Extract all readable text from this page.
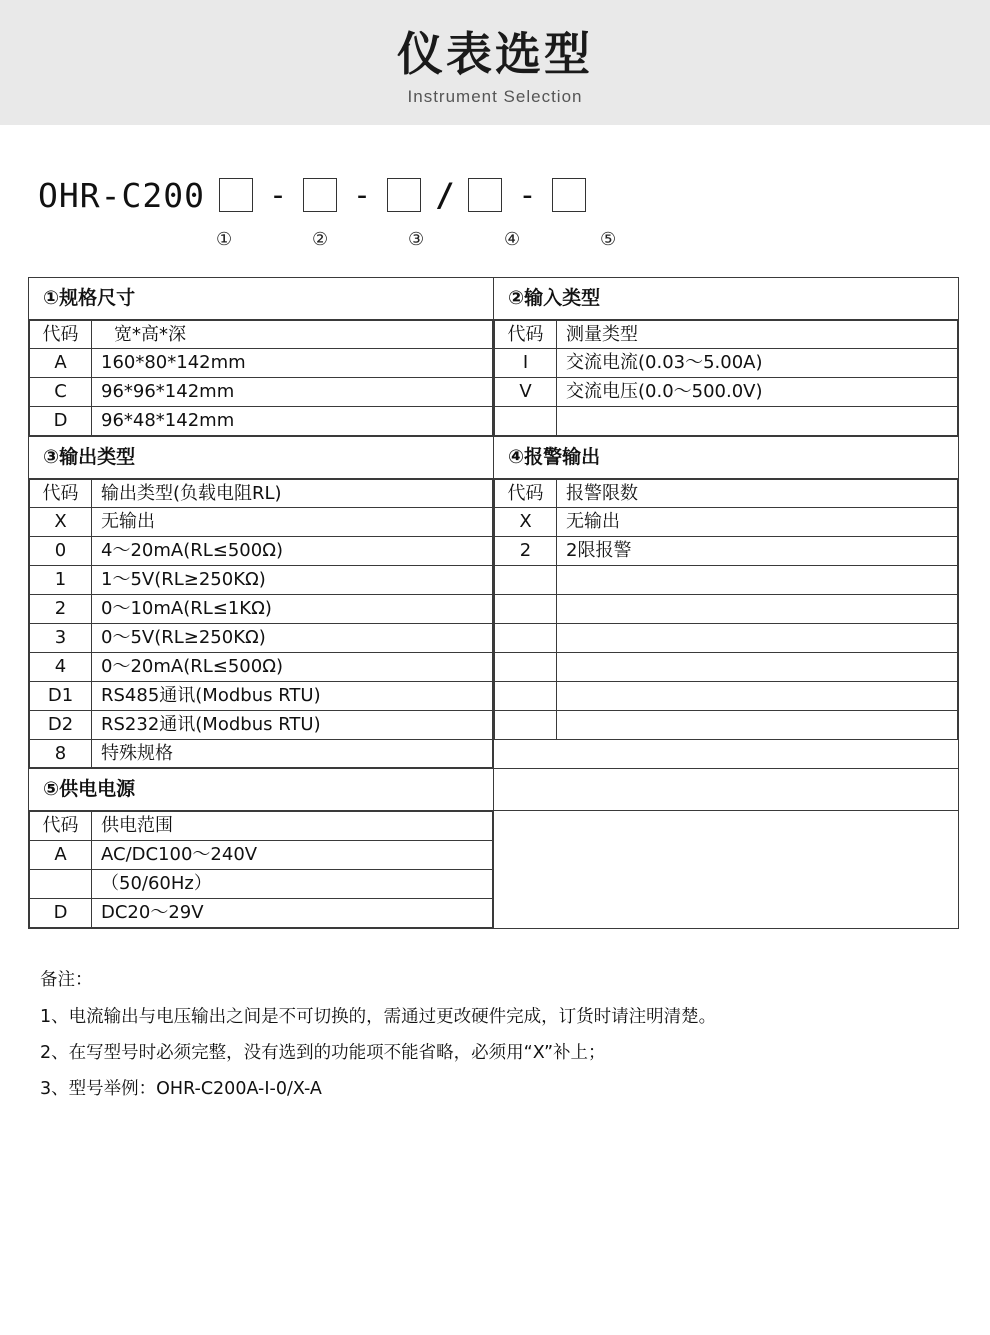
仪表选型
Instrument Selection
OHR-C200 - - / -
①	②	③	④	⑤
①规格尺寸	②输入类型

代码	宽*高*深
A	160*80*142mm
C	96*96*142mm
D	96*48*142mm

代码	测量类型
I	交流电流(0.03～5.00A)
V	交流电压(0.0～500.0V)

③输出类型	④报警输出

代码	输出类型(负载电阻RL)
X	无输出
0	4～20mA(RL≤500Ω)
1	1～5V(RL≥250KΩ)
2	0～10mA(RL≤1KΩ)
3	0～5V(RL≥250KΩ)
4	0～20mA(RL≤500Ω)
D1	RS485通讯(Modbus RTU)
D2	RS232通讯(Modbus RTU)
8	特殊规格

代码	报警限数
X	无输出
2	2限报警

⑤供电电源

代码	供电范围
A	AC/DC100～240V
	（50/60Hz）
D	DC20～29V

备注：
1、电流输出与电压输出之间是不可切换的，需通过更改硬件完成，订货时请注明清楚。
2、在写型号时必须完整，没有选到的功能项不能省略，必须用“X”补上；
3、型号举例：OHR-C200A-I-0/X-A
